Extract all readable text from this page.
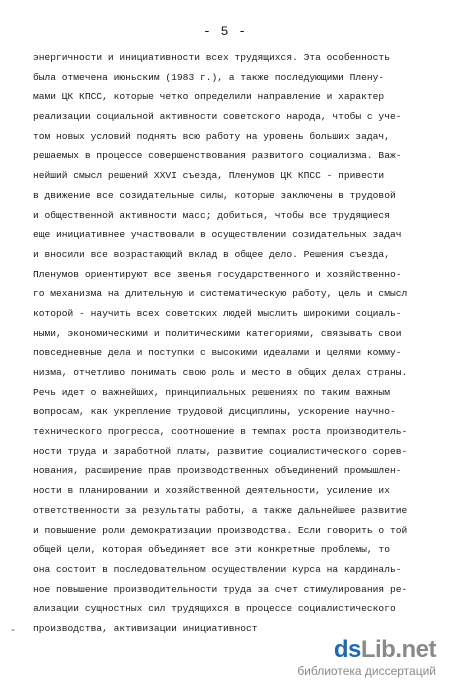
- 5 -
энергичности и инициативности всех трудящихся. Эта особенность
была отмечена июньским (1983 г.), а также последующими Плену-
мами ЦК КПСС, которые четко определили направление и характер
реализации социальной активности советского народа, чтобы с уче-
том новых условий поднять всю работу на уровень больших задач,
решаемых в процессе совершенствования развитого социализма. Важ-
нейший смысл решений XXVI съезда, Пленумов ЦК КПСС - привести
в движение все созидательные силы, которые заключены в трудовой
и общественной активности масс; добиться, чтобы все трудящиеся
еще инициативнее участвовали в осуществлении созидательных задач
и вносили все возрастающий вклад в общее дело. Решения съезда,
Пленумов ориентируют все звенья государственного и хозяйственно-
го механизма на длительную и систематическую работу, цель и смысл
которой - научить всех советских людей мыслить широкими социаль-
ными, экономическими и политическими категориями, связывать свои
повседневные дела и поступки с высокими идеалами и целями комму-
низма, отчетливо понимать свою роль и место в общих делах страны.
Речь идет о важнейших, принципиальных решениях по таким важным
вопросам, как укрепление трудовой дисциплины, ускорение научно-
технического прогресса, соотношение в темпах роста производитель-
ности труда и заработной платы, развитие социалистического сорев-
нования, расширение прав производственных объединений промышлен-
ности в планировании и хозяйственной деятельности, усиление их
ответственности за результаты работы, а также дальнейшее развитие
и повышение роли демократизации производства. Если говорить о той
общей цели, которая объединяет все эти конкретные проблемы, то
она состоит в последовательном осуществлении курса на кардиналь-
ное повышение производительности труда за счет стимулирования ре-
ализации сущностных сил трудящихся в процессе социалистического
производства, активизации инициативност
-
dsLib.net
библиотека диссертаций
